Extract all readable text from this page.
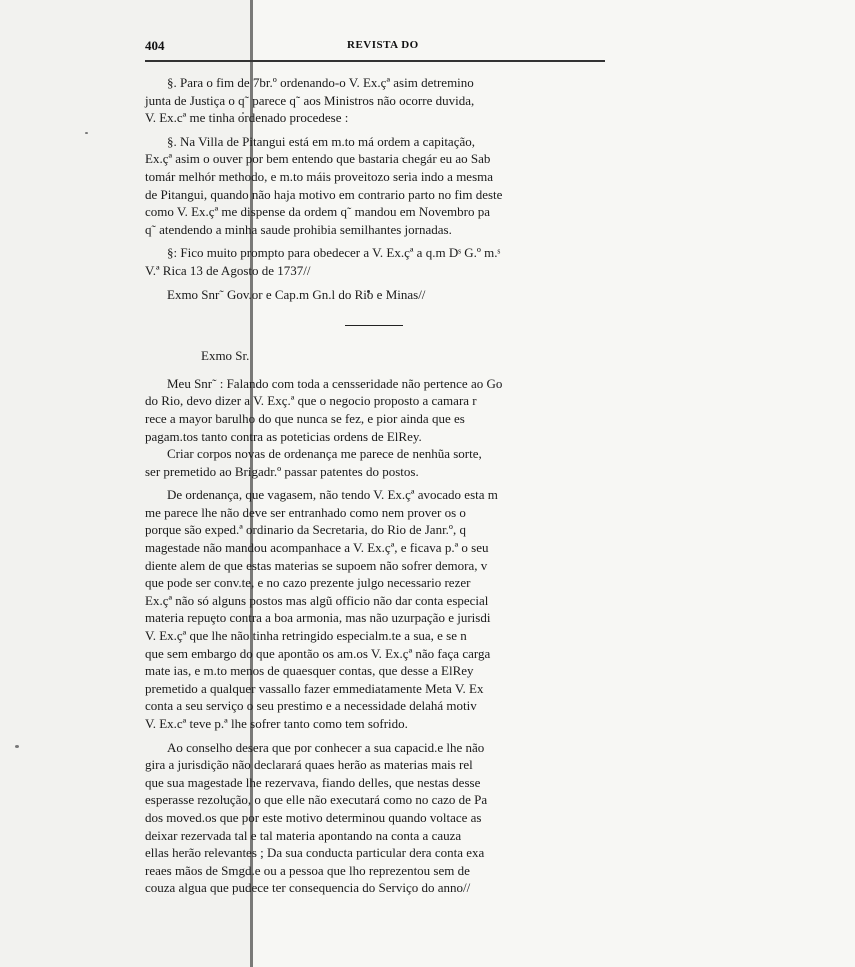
404	REVISTA DO
§. Para o fim de 7br.º ordenando-o V. Ex.çª asim detremino
junta de Justiça o q˜ parece q˜ aos Ministros não ocorre duvida,
V. Ex.cª me tinha ordenado procedese :
§. Na Villa de Pitangui está em m.to má ordem a capitação,
Ex.çª asim o ouver por bem entendo que bastaria chegár eu ao Sab
tomár melhór methodo, e m.to máis proveitozo seria indo a mesma
de Pitangui, quando não haja motivo em contrario parto no fim deste
como V. Ex.çª me dispense da ordem q˜ mandou em Novembro pa
q˜ atendendo a minha saude prohibia semilhantes jornadas.
§: Fico muito prompto para obedecer a V. Ex.çª a q.m Dˢ G.º m.ˢ
V.ª Rica 13 de Agosto de 1737//
Exmo Snr˜ Gov.or e Cap.m Gn.l do Rio e Minas//
Exmo Sr.
Meu Snr˜ : Falando com toda a censseridade não pertence ao Go
do Rio, devo dizer a V. Exç.ª que o negocio proposto a camara r
rece a mayor barulho do que nunca se fez, e pior ainda que es
pagam.tos tanto contra as poteticias ordens de ElRey.
Criar corpos novas de ordenança me parece de nenhũa sorte,
ser premetido ao Brigadr.º passar patentes do postos.
De ordenança, que vagasem, não tendo V. Ex.çª avocado esta m
me parece lhe não deve ser entranhado como nem prover os o
porque são exped.ª ordinario da Secretaria, do Rio de Janr.º, q
magestade não mandou acompanhace a V. Ex.çª, e ficava p.ª o seu
diente alem de que estas materias se supoem não sofrer demora, v
que pode ser conv.te, e no cazo prezente julgo necessario rezer
Ex.çª não só alguns postos mas algũ officio não dar conta especial
materia repuȩto contra a boa armonia, mas não uzurpação e jurisdi
V. Ex.çª que lhe não tinha retringido especialm.te a sua, e se n
que sem embargo do que apontão os am.os V. Ex.çª não faça carga
mate ias, e m.to menos de quaesquer contas, que desse a ElRey
premetido a qualquer vassallo fazer emmediatamente Meta V. Ex
conta a seu serviço o seu prestimo e a necessidade delahá motiv
V. Ex.cª teve p.ª lhe sofrer tanto como tem sofrido.
Ao conselho desera que por conhecer a sua capacid.e lhe não
gira a jurisdição não declarará quaes herão as materias mais rel
que sua magestade lhe rezervava, fiando delles, que nestas desse
esperasse rezolução, o que elle não executará como no cazo de Pa
dos moved.os que por este motivo determinou quando voltace as
deixar rezervada tal e tal materia apontando na conta a cauza
ellas herão relevantes ; Da sua conducta particular dera conta exa
reaes mãos de Smgd.e ou a pessoa que lho reprezentou sem de
couza algua que pudece ter consequencia do Serviço do anno//
